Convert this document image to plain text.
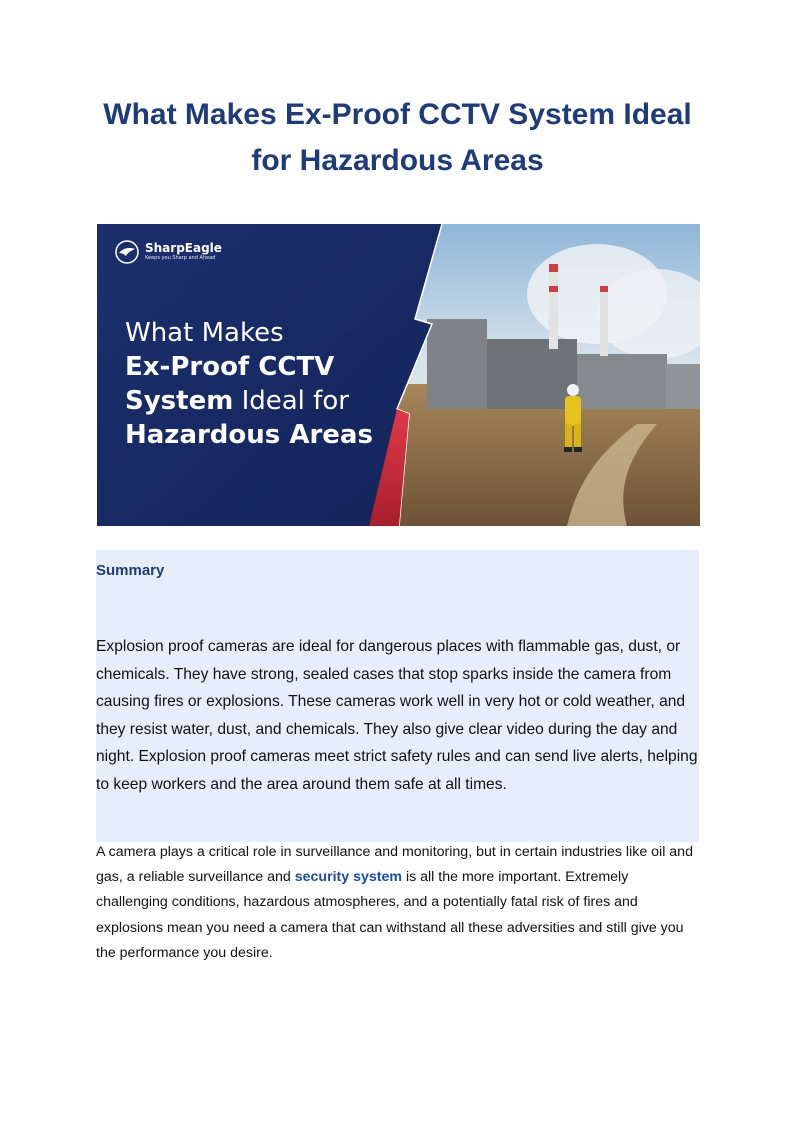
What Makes Ex-Proof CCTV System Ideal for Hazardous Areas
SharpEagle
Keeps you Sharp and Ahead
What Makes
Ex-Proof CCTV
System Ideal for
Hazardous Areas
Summary

Explosion proof cameras are ideal for dangerous places with flammable gas, dust, or chemicals. They have strong, sealed cases that stop sparks inside the camera from causing fires or explosions. These cameras work well in very hot or cold weather, and they resist water, dust, and chemicals. They also give clear video during the day and night. Explosion proof cameras meet strict safety rules and can send live alerts, helping to keep workers and the area around them safe at all times.

A camera plays a critical role in surveillance and monitoring, but in certain industries like oil and gas, a reliable surveillance and security system is all the more important. Extremely challenging conditions, hazardous atmospheres, and a potentially fatal risk of fires and explosions mean you need a camera that can withstand all these adversities and still give you the performance you desire.
